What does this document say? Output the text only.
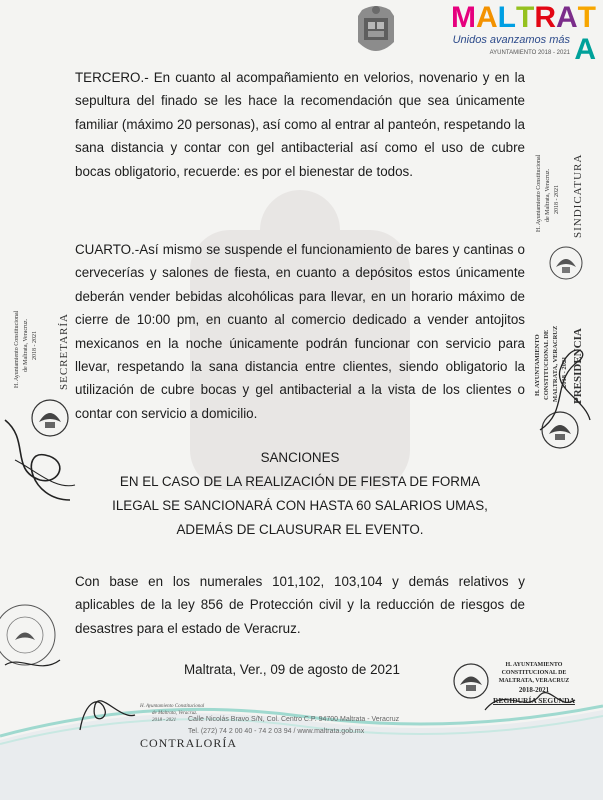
MALTRATA
Unidos avanzamos más
AYUNTAMIENTO 2018 - 2021
TERCERO.- En cuanto al acompañamiento en velorios, novenario y en la sepultura del finado se les hace la recomendación que sea únicamente familiar (máximo 20 personas), así como al entrar al panteón, respetando la sana distancia y contar con gel antibacterial así como el uso de cubre bocas obligatorio, recuerde: es por el bienestar de todos.
CUARTO.-Así mismo se suspende el funcionamiento de bares y cantinas o cervecerías y salones de fiesta, en cuanto a depósitos estos únicamente deberán vender bebidas alcohólicas para llevar, en un horario máximo de cierre de 10:00 pm, en cuanto al comercio dedicado a vender antojitos mexicanos en la noche únicamente podrán funcionar con servicio para llevar, respetando la sana distancia entre clientes, siendo obligatorio la utilización de cubre bocas y gel antibacterial a la vista de los clientes o contar con servicio a domicilio.
SANCIONES
EN EL CASO DE LA REALIZACIÓN DE FIESTA DE FORMA
ILEGAL SE SANCIONARÁ CON HASTA 60 SALARIOS UMAS,
ADEMÁS DE CLAUSURAR EL EVENTO.
Con base en los numerales 101,102, 103,104 y demás relativos y aplicables de la ley 856 de Protección civil y la reducción de riesgos de desastres para el estado de Veracruz.
Maltrata, Ver., 09 de agosto de 2021
H. Ayuntamiento Constitucional de Maltrata, Veracruz. 2018 - 2021 SINDICATURA
H. AYUNTAMIENTO CONSTITUCIONAL DE MALTRATA, VERACRUZ 2018 - 2021 PRESIDENCIA
H. Ayuntamiento Constitucional de Maltrata, Veracruz. 2018 - 2021 SECRETARÍA
H. AYUNTAMIENTO
CONSTITUCIONAL DE
MALTRATA, VERACRUZ
2018-2021
REGIDURÍA SEGUNDA
Calle Nicolás Bravo S/N, Col. Centro C.P. 94700 Maltrata - Veracruz
Tel. (272) 74 2 00 40 - 74 2 03 94 / www.maltrata.gob.mx
H. Ayuntamiento Constitucional
de Maltrata, Veracruz.
2018 - 2021
CONTRALORÍA
